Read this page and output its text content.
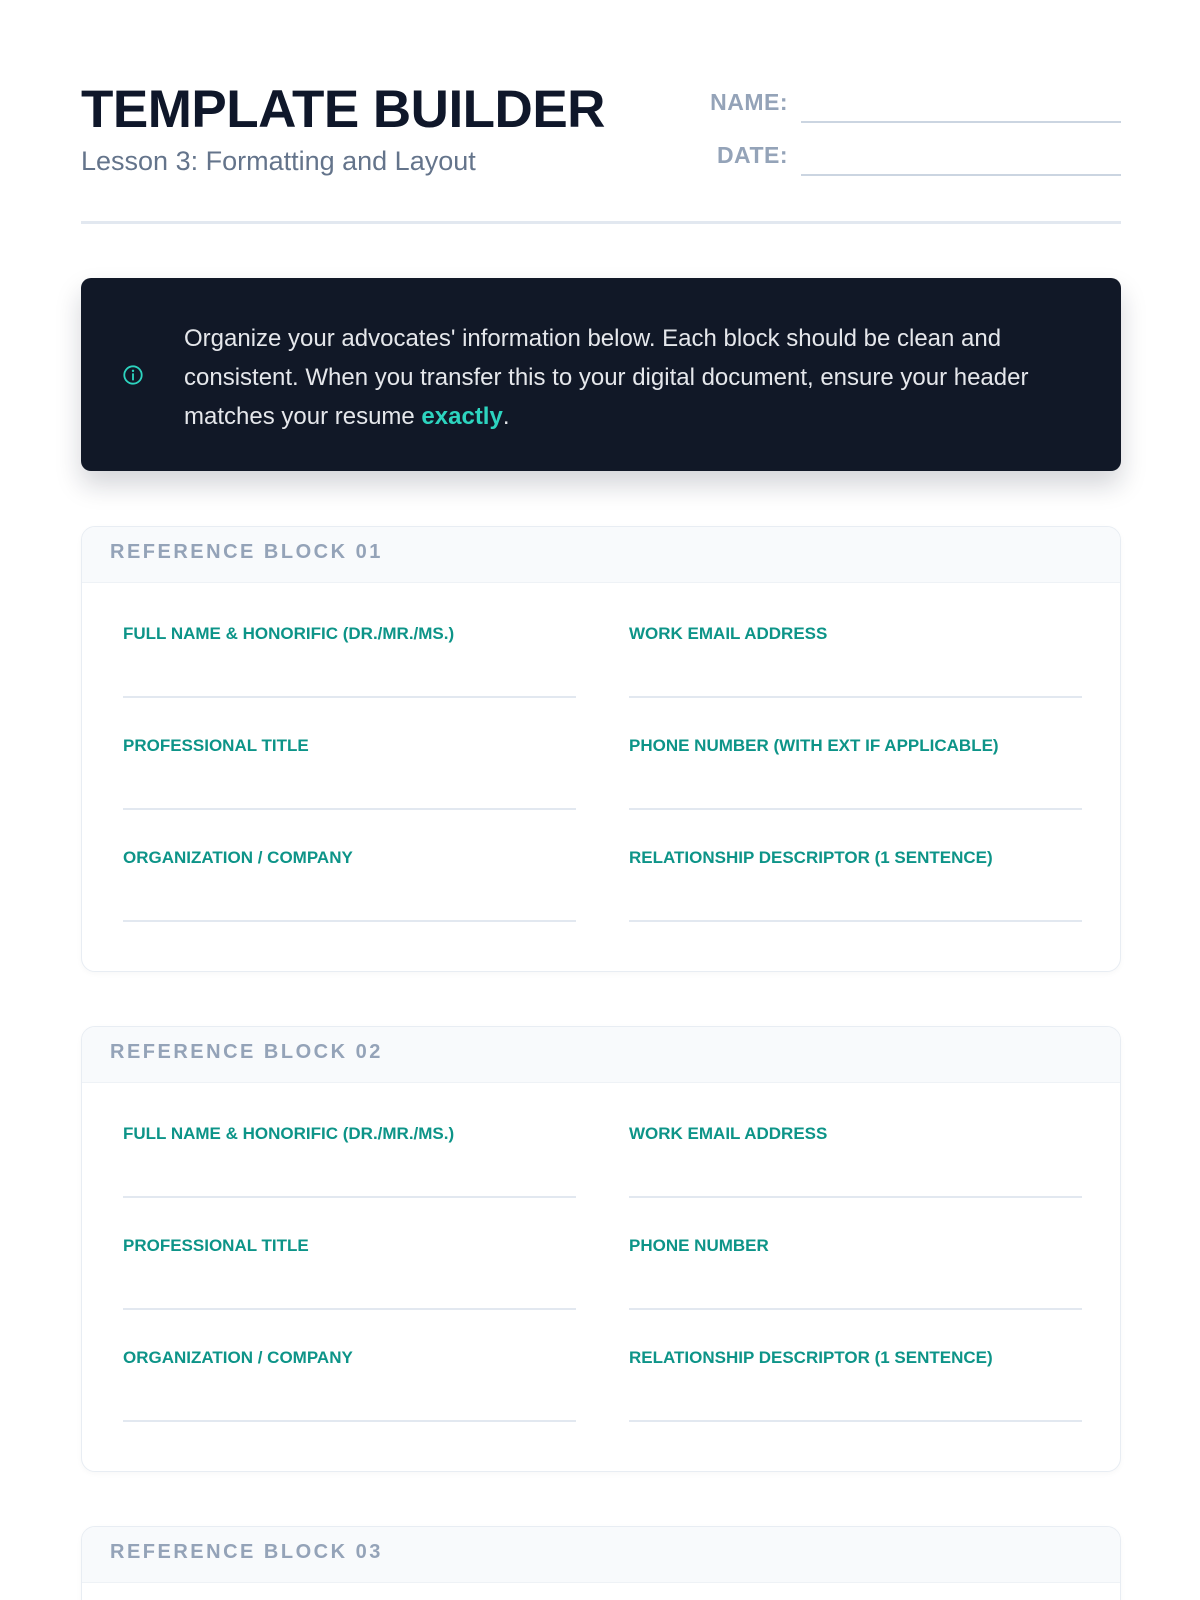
TEMPLATE BUILDER
Lesson 3: Formatting and Layout
NAME:
DATE:
Organize your advocates' information below. Each block should be clean and consistent. When you transfer this to your digital document, ensure your header matches your resume exactly.
REFERENCE BLOCK 01
FULL NAME & HONORIFIC (DR./MR./MS.)	WORK EMAIL ADDRESS
PROFESSIONAL TITLE	PHONE NUMBER (WITH EXT IF APPLICABLE)
ORGANIZATION / COMPANY	RELATIONSHIP DESCRIPTOR (1 SENTENCE)
REFERENCE BLOCK 02
FULL NAME & HONORIFIC (DR./MR./MS.)	WORK EMAIL ADDRESS
PROFESSIONAL TITLE	PHONE NUMBER
ORGANIZATION / COMPANY	RELATIONSHIP DESCRIPTOR (1 SENTENCE)
REFERENCE BLOCK 03
